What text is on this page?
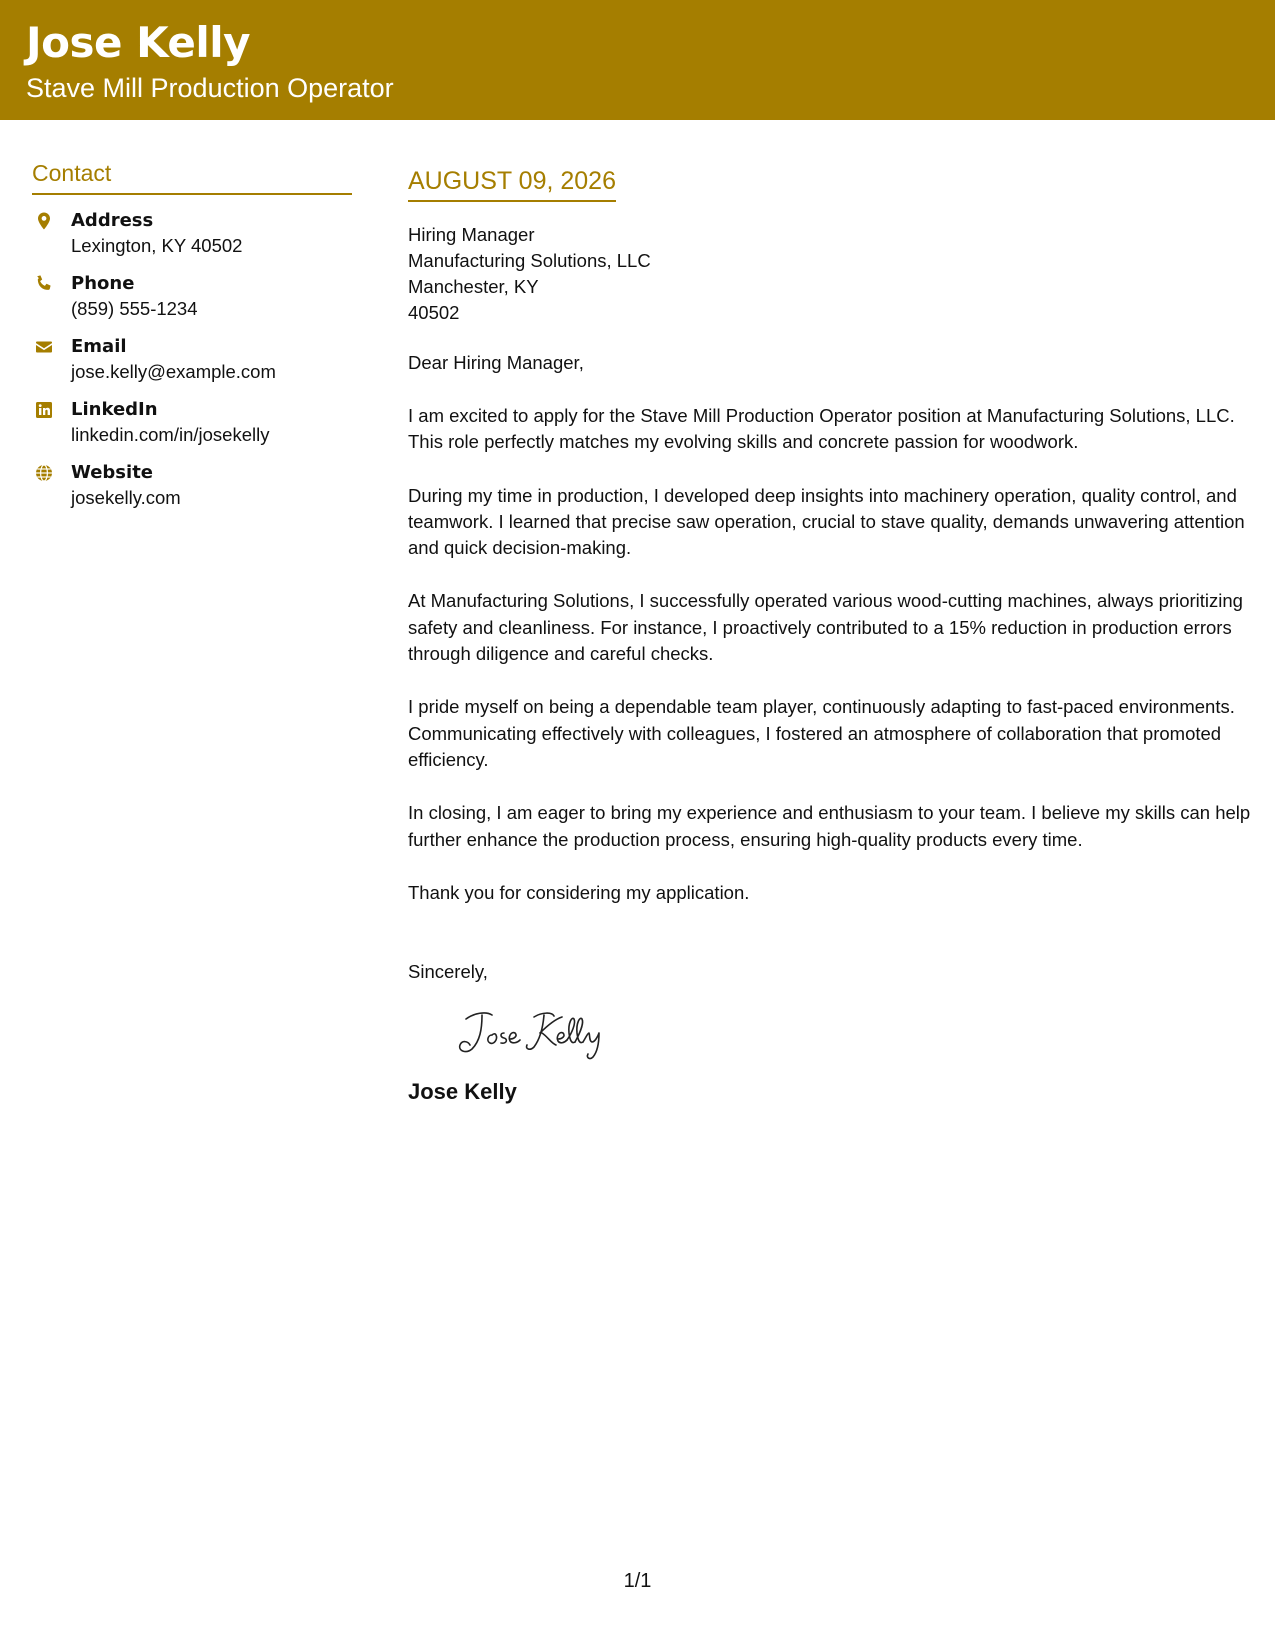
Jose Kelly
Stave Mill Production Operator
Contact
Address
Lexington, KY 40502
Phone
(859) 555-1234
Email
jose.kelly@example.com
LinkedIn
linkedin.com/in/josekelly
Website
josekelly.com
AUGUST 09, 2026
Hiring Manager
Manufacturing Solutions, LLC
Manchester, KY
40502
Dear Hiring Manager,
I am excited to apply for the Stave Mill Production Operator position at Manufacturing Solutions, LLC. This role perfectly matches my evolving skills and concrete passion for woodwork.
During my time in production, I developed deep insights into machinery operation, quality control, and teamwork. I learned that precise saw operation, crucial to stave quality, demands unwavering attention and quick decision-making.
At Manufacturing Solutions, I successfully operated various wood-cutting machines, always prioritizing safety and cleanliness. For instance, I proactively contributed to a 15% reduction in production errors through diligence and careful checks.
I pride myself on being a dependable team player, continuously adapting to fast-paced environments. Communicating effectively with colleagues, I fostered an atmosphere of collaboration that promoted efficiency.
In closing, I am eager to bring my experience and enthusiasm to your team. I believe my skills can help further enhance the production process, ensuring high-quality products every time.
Thank you for considering my application.
Sincerely,
Jose Kelly
1/1
